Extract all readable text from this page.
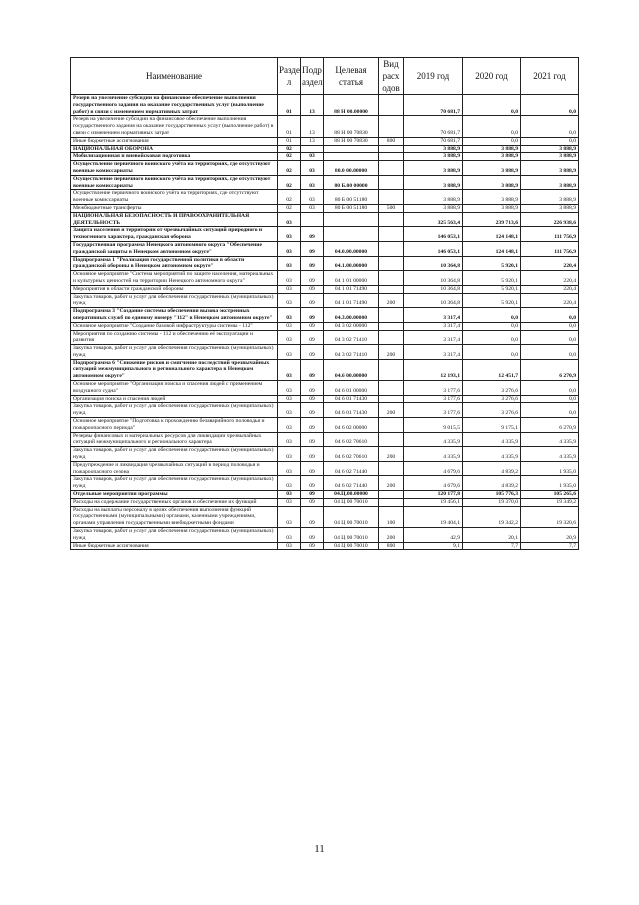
Наименование	Разде л	Подр аздел	Целевая статья	Вид расх одов	2019 год	2020 год	2021 год
Резерв на увеличение субсидии на финансовое обеспечение выполнения государственного задания на оказание государственных услуг (выполнение работ) в связи с изменением нормативных затрат	01	13	88 Н 00.00000		70 681,7	0,0	0,0
Резерв на увеличение субсидии на финансовое обеспечение выполнения государственного задания на оказание государственных услуг (выполнение работ) в связи с изменением нормативных затрат	01	13	88 Н 00 70830		70 681,7	0,0	0,0
Иные бюджетные ассигнования	01	13	88 Н 00 70830	800	70 681,7	0,0	0,0
НАЦИОНАЛЬНАЯ ОБОРОНА	02				3 888,9	3 888,9	3 888,9
Мобилизационная и вневойсковая подготовка	02	03			3 888,9	3 888,9	3 888,9
Осуществление первичного воинского учёта на территориях, где отсутствуют военные комиссариаты	02	03	80.0 00.00000		3 888,9	3 888,9	3 888,9
Осуществление первичного воинского учёта на территориях, где отсутствуют военные комиссариаты	02	03	80 Б.00 00000		3 888,9	3 888,9	3 888,9
Осуществление первичного воинского учёта на территориях, где отсутствуют военные комиссариаты	02	03	80 Б 00 51180		3 888,9	3 888,9	3 888,9
Межбюджетные трансферты	02	03	80 Б 00 51180	500	3 888,9	3 888,9	3 888,9
НАЦИОНАЛЬНАЯ БЕЗОПАСНОСТЬ И ПРАВООХРАНИТЕЛЬНАЯ ДЕЯТЕЛЬНОСТЬ	03				325 563,4	239 713,6	226 938,6
Защита населения и территории от чрезвычайных ситуаций природного и техногенного характера, гражданская оборона	03	09			146 053,1	124 148,1	111 756,9
Государственная программа Ненецкого автономного округа "Обеспечение гражданской защиты в Ненецком автономном округе"	03	09	04.0.00.00000		146 053,1	124 148,1	111 756,9
Подпрограмма 1 "Реализация государственной политики в области гражданской обороны в Ненецком автономном округе"	03	09	04.1.00.00000		10 364,8	5 920,1	220,4
Основное мероприятие "Система мероприятий по защите населения, материальных и культурных ценностей на территории Ненецкого автономного округа"	03	09	04 1 01 00000		10 364,8	5 920,1	220,4
Мероприятия в области гражданской обороны	03	09	04 1 01 71490		10 364,8	5 920,1	220,4
Закупка товаров, работ и услуг для обеспечения государственных (муниципальных) нужд	03	09	04 1 01 71490	200	10 364,8	5 920,1	220,4
Подпрограмма 3 "Создание системы обеспечения вызова экстренных оперативных служб по единому номеру "112" в Ненецком автономном округе"	03	09	04.3.00.00000		3 317,4	0,0	0,0
Основное мероприятие "Создание базовой инфраструктуры системы - 112"	03	09	04 3 02 00000		3 317,4	0,0	0,0
Мероприятия по созданию системы - 112 и обеспечению её эксплуатации и развития	03	09	04 3 02 71410		3 317,4	0,0	0,0
Закупка товаров, работ и услуг для обеспечения государственных (муниципальных) нужд	03	09	04 3 02 71410	200	3 317,4	0,0	0,0
Подпрограмма 6 "Снижение рисков и смягчение последствий чрезвычайных ситуаций межмуниципального и регионального характера в Ненецком автономном округе"	03	09	04.6 00.00000		12 193,1	12 451,7	6 270,9
Основное мероприятие "Организация поиска и спасения людей с применением воздушного судна"	03	09	04 6 01 00000		3 177,6	3 276,6	0,0
Организация поиска и спасения людей	03	09	04 6 01 71430		3 177,6	3 276,6	0,0
Закупка товаров, работ и услуг для обеспечения государственных (муниципальных) нужд	03	09	04 6 01 71430	200	3 177,6	3 276,6	0,0
Основное мероприятие "Подготовка к прохождению безаварийного половодья и пожароопасного периода"	03	09	04 6 02 00000		9 015,5	9 175,1	6 270,9
Резервы финансовых и материальных ресурсов для ликвидации чрезвычайных ситуаций межмуниципального и регионального характера	03	09	04 6 02 70610		4 335,9	4 335,9	4 335,9
Закупка товаров, работ и услуг для обеспечения государственных (муниципальных) нужд	03	09	04 6 02 70610	200	4 335,9	4 335,9	4 335,9
Предупреждение и ликвидация чрезвычайных ситуаций в период половодья и пожароопасного сезона	03	09	04 6 02 71440		4 679,6	4 839,2	1 935,0
Закупка товаров, работ и услуг для обеспечения государственных (муниципальных) нужд	03	09	04 6 02 71440	200	4 679,6	4 839,2	1 935,0
Отдельные мероприятия программы	03	09	04.Ц.00.00000		120 177,8	105 776,3	105 265,6
Расходы на содержание государственных органов и обеспечение их функций	03	09	04 Ц 00 70010		19 456,1	19 370,0	19 349,2
Расходы на выплаты персоналу в целях обеспечения выполнения функций государственными (муниципальными) органами, казенными учреждениями, органами управления государственными внебюджетными фондами	03	09	04 Ц 00 70010	100	19 404,1	19 342,2	19 320,6
Закупка товаров, работ и услуг для обеспечения государственных (муниципальных) нужд	03	09	04 Ц 00 70010	200	42,9	20,1	20,9
Иные бюджетные ассигнования	03	09	04 Ц 00 70010	800	9,1	7,7	7,7
11
